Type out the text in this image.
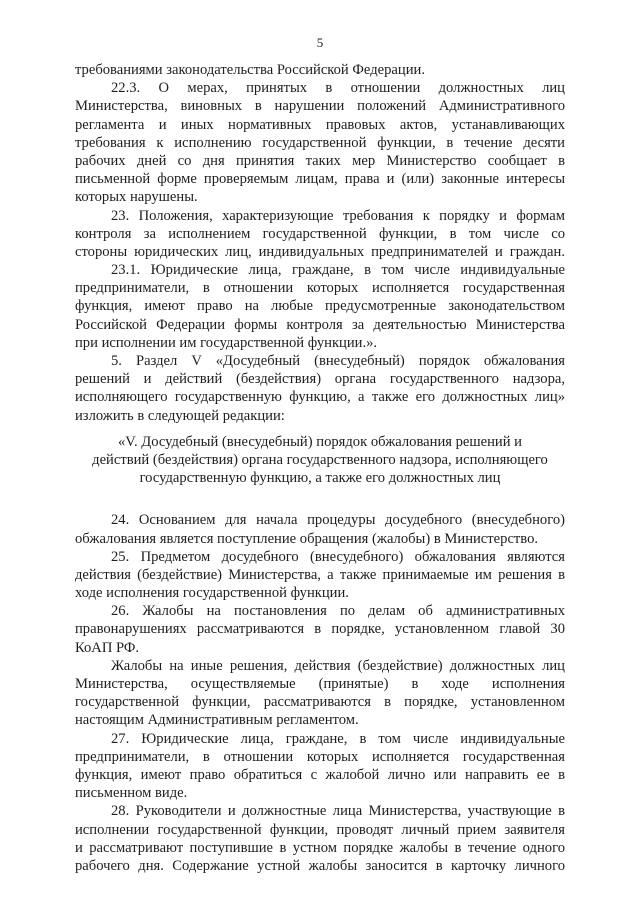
5
требованиями законодательства Российской Федерации.
22.3. О мерах, принятых в отношении должностных лиц
Министерства, виновных в нарушении положений Административного
регламента и иных нормативных правовых актов, устанавливающих
требования к исполнению государственной функции, в течение десяти
рабочих дней со дня принятия таких мер Министерство сообщает в
письменной форме проверяемым лицам, права и (или) законные интересы
которых нарушены.
23. Положения, характеризующие требования к порядку и формам
контроля за исполнением государственной функции, в том числе со
стороны юридических лиц, индивидуальных предпринимателей и граждан.
23.1. Юридические лица, граждане, в том числе индивидуальные
предприниматели, в отношении которых исполняется государственная
функция, имеют право на любые предусмотренные законодательством
Российской Федерации формы контроля за деятельностью Министерства
при исполнении им государственной функции.».
5. Раздел V «Досудебный (внесудебный) порядок обжалования
решений и действий (бездействия) органа государственного надзора,
исполняющего государственную функцию, а также его должностных лиц»
изложить в следующей редакции:
«V. Досудебный (внесудебный) порядок обжалования решений и
действий (бездействия) органа государственного надзора, исполняющего
государственную функцию, а также его должностных лиц
24. Основанием для начала процедуры досудебного (внесудебного)
обжалования является поступление обращения (жалобы) в Министерство.
25. Предметом досудебного (внесудебного) обжалования являются
действия (бездействие) Министерства, а также принимаемые им решения в
ходе исполнения государственной функции.
26. Жалобы на постановления по делам об административных
правонарушениях рассматриваются в порядке, установленном главой 30
КоАП РФ.
Жалобы на иные решения, действия (бездействие) должностных лиц
Министерства, осуществляемые (принятые) в ходе исполнения
государственной функции, рассматриваются в порядке, установленном
настоящим Административным регламентом.
27. Юридические лица, граждане, в том числе индивидуальные
предприниматели, в отношении которых исполняется государственная
функция, имеют право обратиться с жалобой лично или направить ее в
письменном виде.
28. Руководители и должностные лица Министерства, участвующие в
исполнении государственной функции, проводят личный прием заявителя
и рассматривают поступившие в устном порядке жалобы в течение одного
рабочего дня. Содержание устной жалобы заносится в карточку личного
